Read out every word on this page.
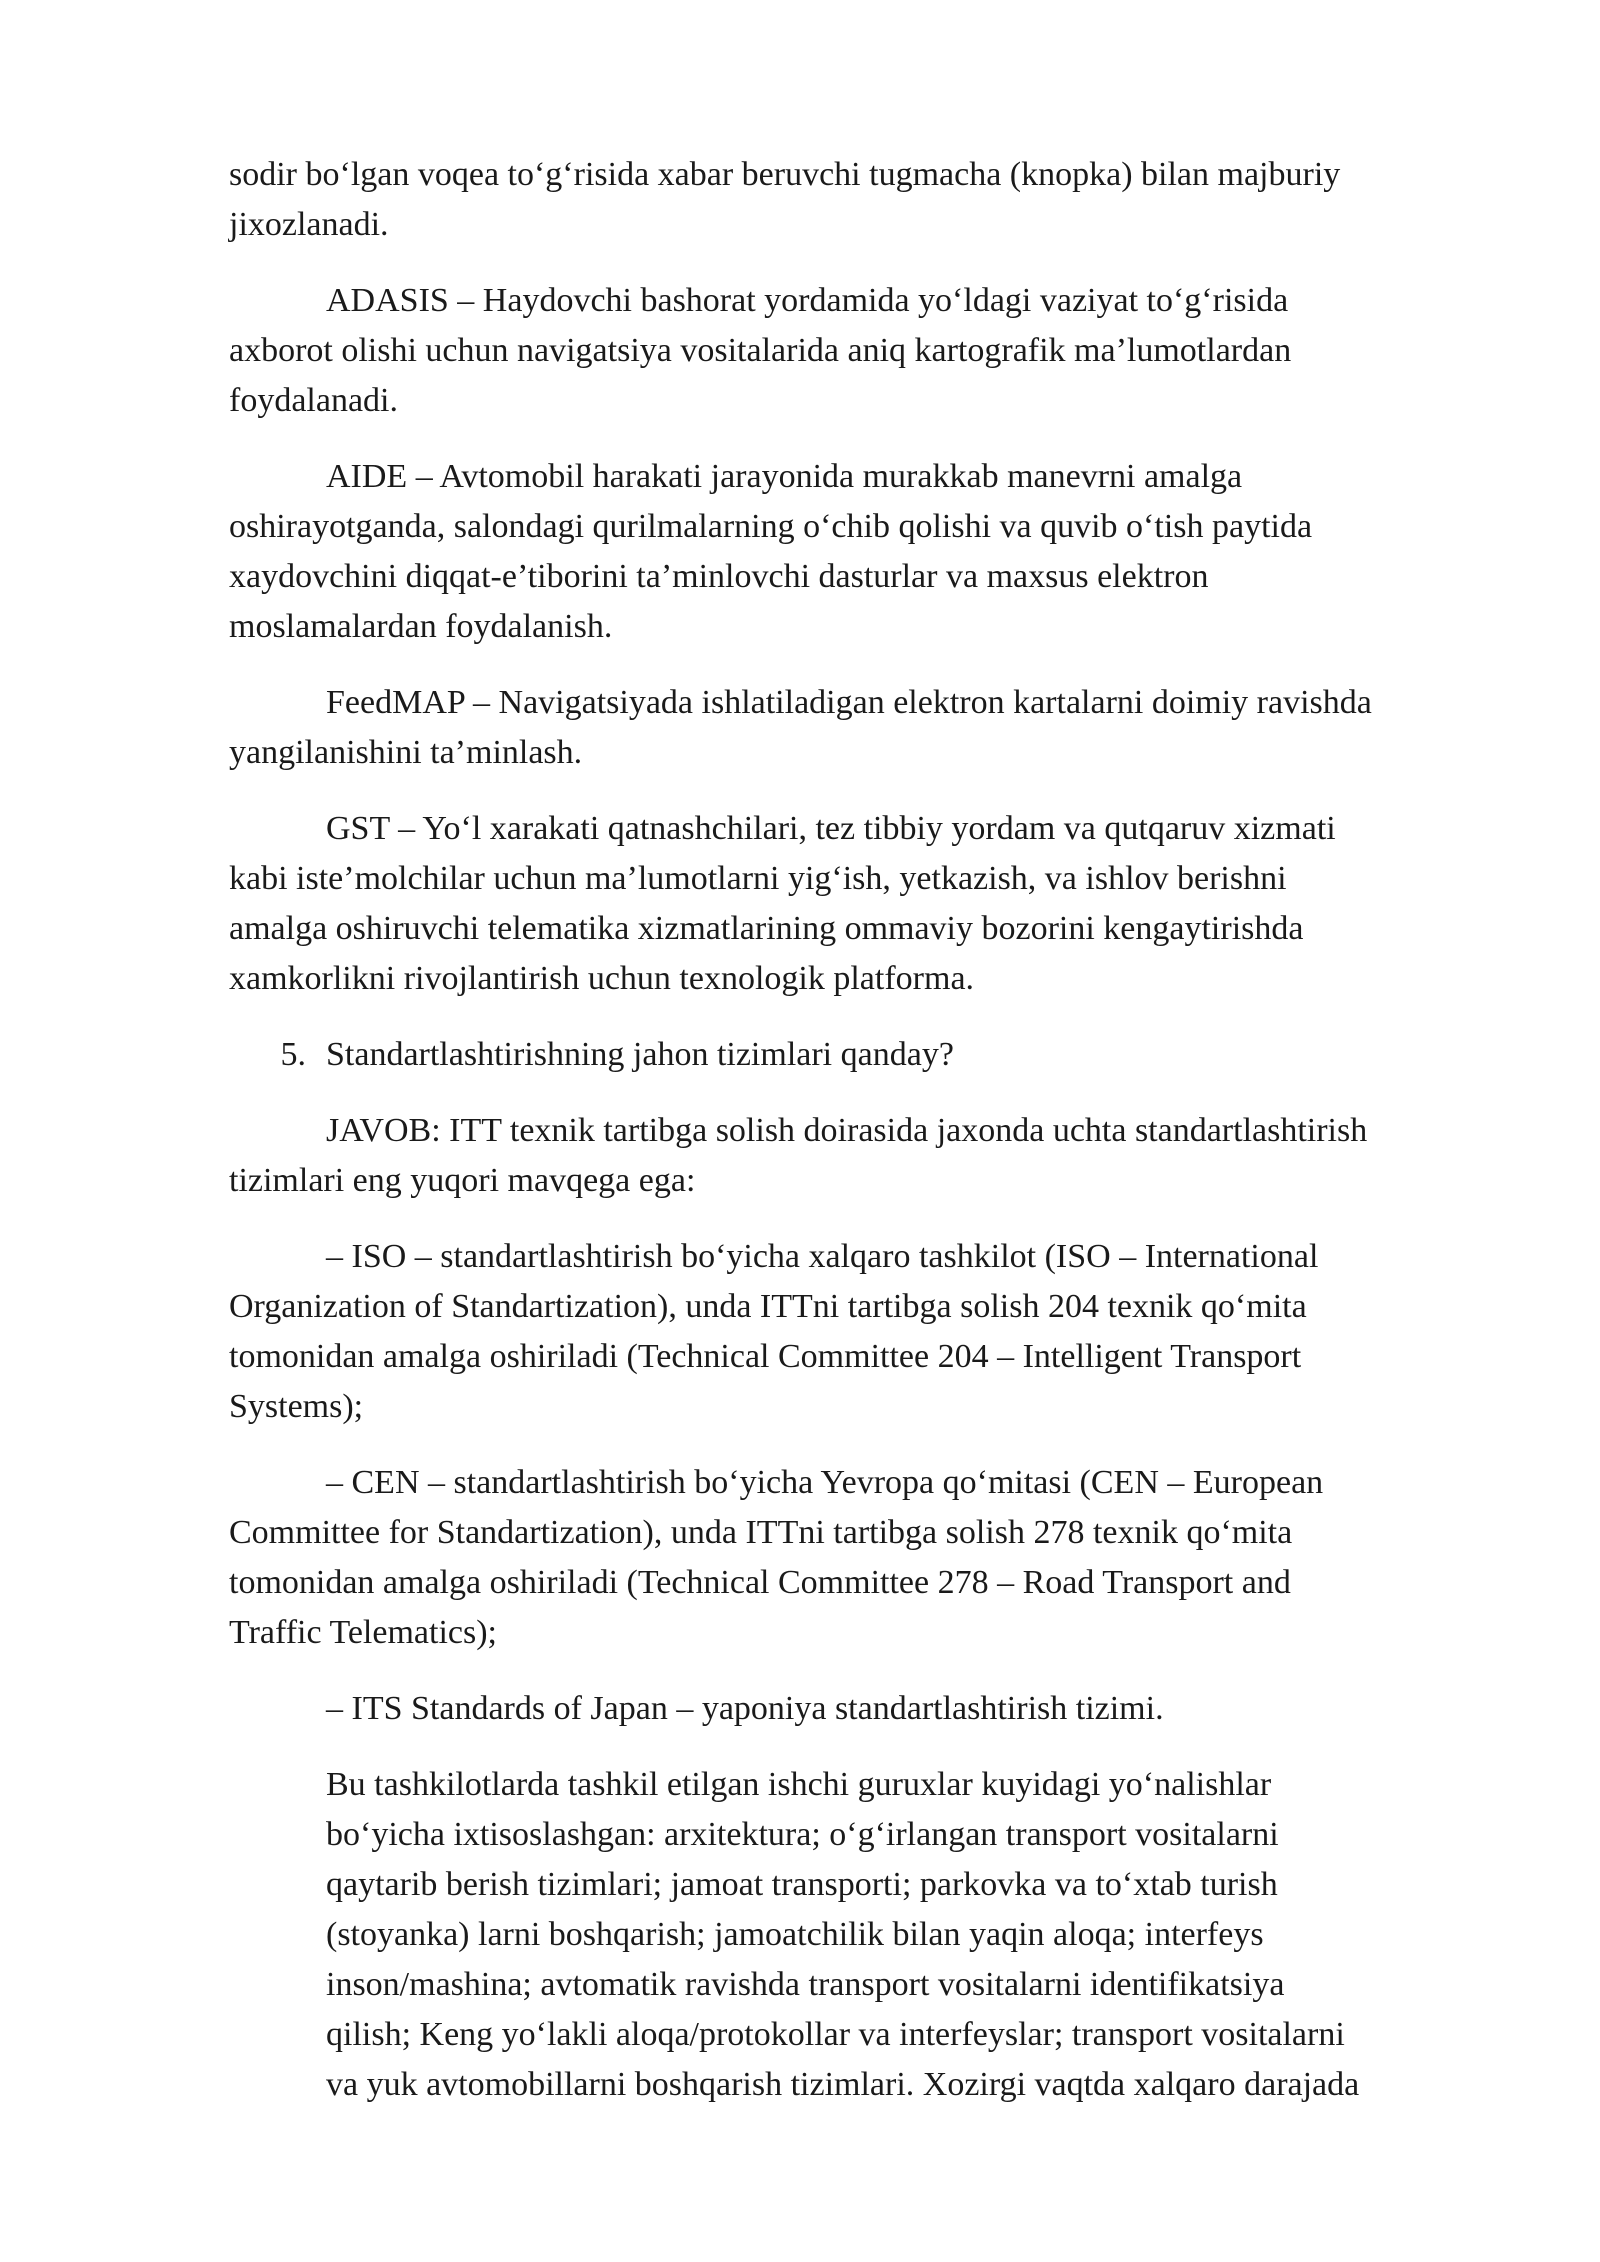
sodir bo‘lgan voqea to‘g‘risida xabar beruvchi tugmacha (knopka) bilan majburiy
jixozlanadi.

ADASIS – Haydovchi bashorat yordamida yo‘ldagi vaziyat to‘g‘risida
axborot olishi uchun navigatsiya vositalarida aniq kartografik ma’lumotlardan
foydalanadi.

AIDE – Avtomobil harakati jarayonida murakkab manevrni amalga
oshirayotganda, salondagi qurilmalarning o‘chib qolishi va quvib o‘tish paytida
xaydovchini diqqat-e’tiborini ta’minlovchi dasturlar va maxsus elektron
moslamalardan foydalanish.

FeedMAP – Navigatsiyada ishlatiladigan elektron kartalarni doimiy ravishda
yangilanishini ta’minlash.

GST – Yo‘l xarakati qatnashchilari, tez tibbiy yordam va qutqaruv xizmati
kabi iste’molchilar uchun ma’lumotlarni yig‘ish, yetkazish, va ishlov berishni
amalga oshiruvchi telematika xizmatlarining ommaviy bozorini kengaytirishda
xamkorlikni rivojlantirish uchun texnologik platforma.

5. Standartlashtirishning jahon tizimlari qanday?

JAVOB: ITT texnik tartibga solish doirasida jaxonda uchta standartlashtirish
tizimlari eng yuqori mavqega ega:

– ISO – standartlashtirish bo‘yicha xalqaro tashkilot (ISO – International
Organization of Standartization), unda ITTni tartibga solish 204 texnik qo‘mita
tomonidan amalga oshiriladi (Technical Committee 204 – Intelligent Transport
Systems);

– CEN – standartlashtirish bo‘yicha Yevropa qo‘mitasi (CEN – European
Committee for Standartization), unda ITTni tartibga solish 278 texnik qo‘mita
tomonidan amalga oshiriladi (Technical Committee 278 – Road Transport and
Traffic Telematics);

– ITS Standards of Japan – yaponiya standartlashtirish tizimi.

Bu tashkilotlarda tashkil etilgan ishchi guruxlar kuyidagi yo‘nalishlar
bo‘yicha ixtisoslashgan: arxitektura; o‘g‘irlangan transport vositalarni
qaytarib berish tizimlari; jamoat transporti; parkovka va to‘xtab turish
(stoyanka) larni boshqarish; jamoatchilik bilan yaqin aloqa; interfeys
inson/mashina; avtomatik ravishda transport vositalarni identifikatsiya
qilish; Keng yo‘lakli aloqa/protokollar va interfeyslar; transport vositalarni
va yuk avtomobillarni boshqarish tizimlari. Xozirgi vaqtda xalqaro darajada
